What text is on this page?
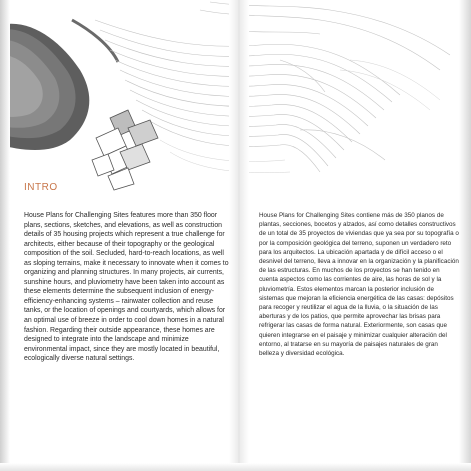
INTRO

House Plans for Challenging Sites features more than 350 floor plans, sections, sketches, and elevations, as well as construction details of 35 housing projects which represent a true challenge for architects, either because of their topography or the geological composition of the soil. Secluded, hard-to-reach locations, as well as sloping terrains, make it necessary to innovate when it comes to organizing and planning structures. In many projects, air currents, sunshine hours, and pluviometry have been taken into account as these elements determine the subsequent inclusion of energy-efficiency-enhancing systems – rainwater collection and reuse tanks, or the location of openings and courtyards, which allows for an optimal use of breeze in order to cool down homes in a natural fashion. Regarding their outside appearance, these homes are designed to integrate into the landscape and minimize environmental impact, since they are mostly located in beautiful, ecologically diverse natural settings.

House Plans for Challenging Sites contiene más de 350 planos de plantas, secciones, bocetos y alzados, así como detalles constructivos de un total de 35 proyectos de viviendas que ya sea por su topografía o por la composición geológica del terreno, suponen un verdadero reto para los arquitectos. La ubicación apartada y de difícil acceso o el desnivel del terreno, lleva a innovar en la organización y la planificación de las estructuras. En muchos de los proyectos se han tenido en cuenta aspectos como las corrientes de aire, las horas de sol y la pluviometría. Estos elementos marcan la posterior inclusión de sistemas que mejoran la eficiencia energética de las casas: depósitos para recoger y reutilizar el agua de la lluvia, o la situación de las aberturas y de los patios, que permite aprovechar las brisas para refrigerar las casas de forma natural. Exteriormente, son casas que quieren integrarse en el paisaje y minimizar cualquier alteración del entorno, al tratarse en su mayoría de paisajes naturales de gran belleza y diversidad ecológica.
